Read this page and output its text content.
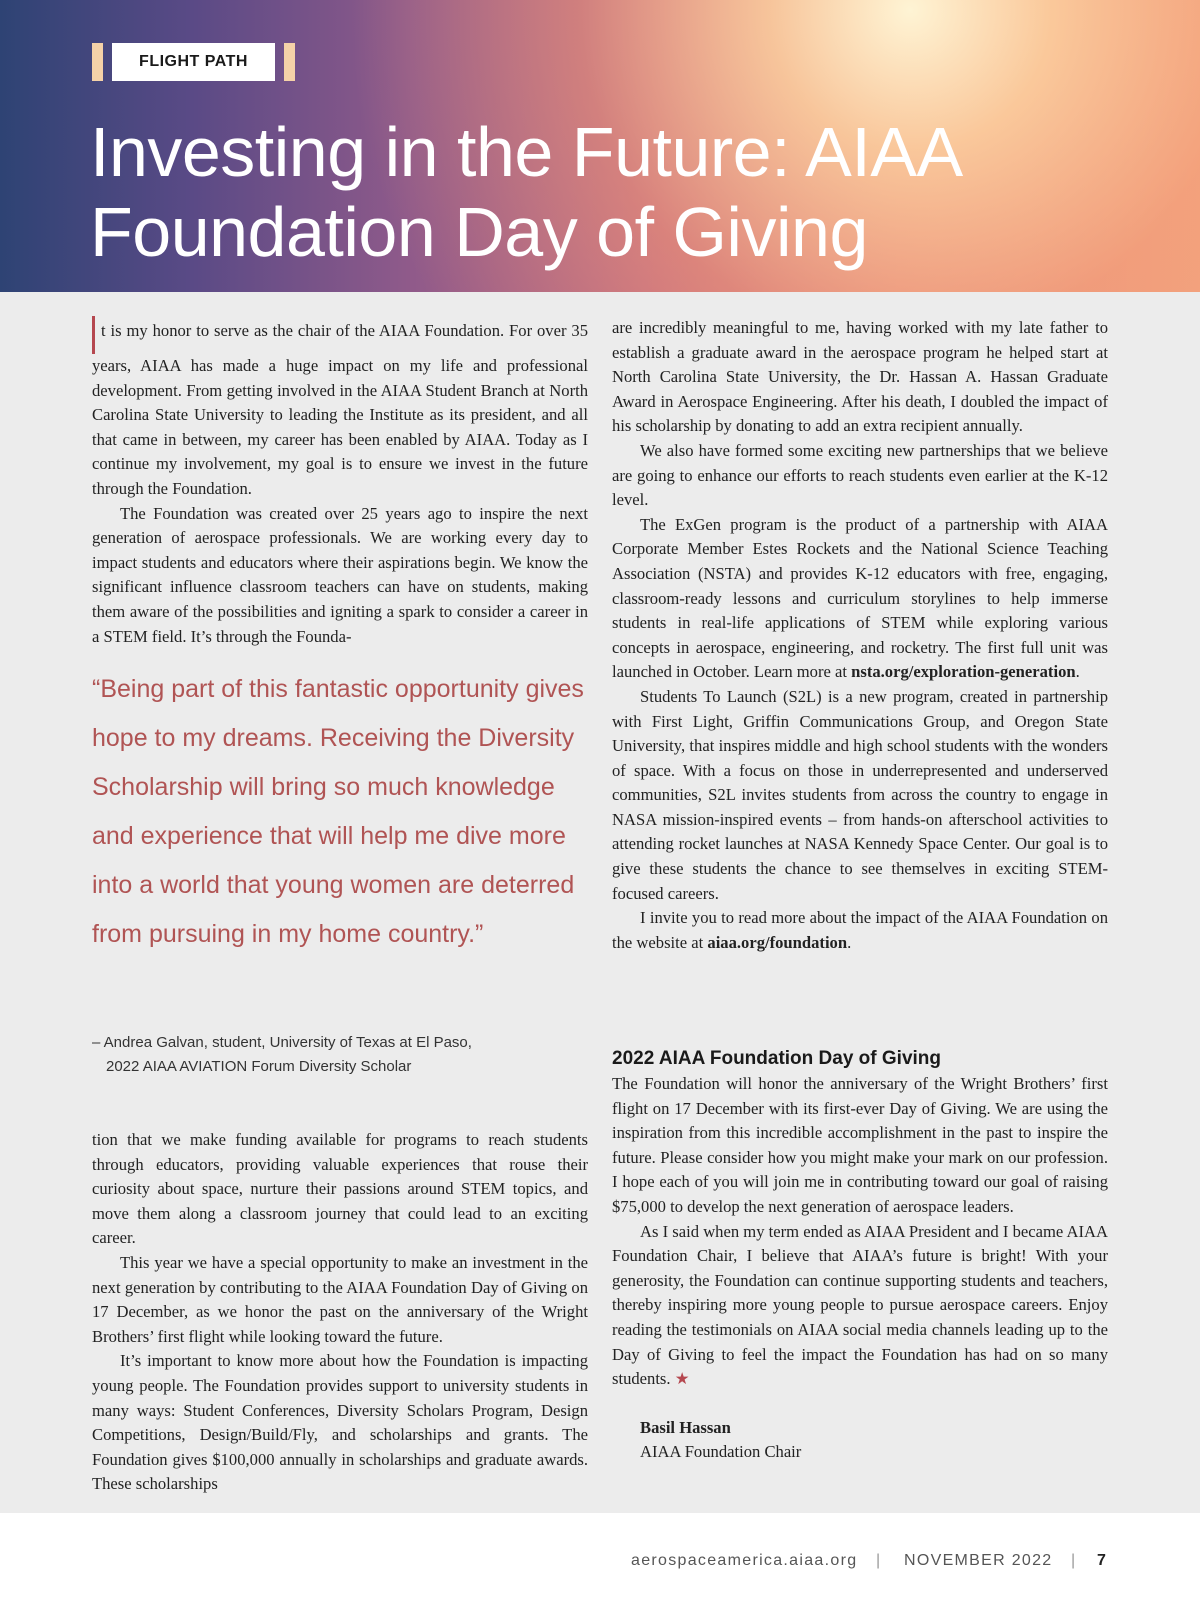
FLIGHT PATH
Investing in the Future: AIAA
Foundation Day of Giving

t is my honor to serve as the chair of the AIAA Foundation. For over 35 years, AIAA has made a huge impact on my life and professional development. From getting involved in the AIAA Student Branch at North Carolina State University to leading the Institute as its president, and all that came in between, my career has been enabled by AIAA. Today as I continue my involvement, my goal is to ensure we invest in the future through the Foundation.

The Foundation was created over 25 years ago to inspire the next generation of aerospace professionals. We are working every day to impact students and educators where their aspirations begin. We know the significant influence classroom teachers can have on students, making them aware of the possibilities and igniting a spark to consider a career in a STEM field. It’s through the Founda-

“Being part of this fantastic opportunity gives hope to my dreams. Receiving the Diversity Scholarship will bring so much knowledge and experience that will help me dive more into a world that young women are deterred from pursuing in my home country.”
– Andrea Galvan, student, University of Texas at El Paso,
2022 AIAA AVIATION Forum Diversity Scholar

tion that we make funding available for programs to reach students through educators, providing valuable experiences that rouse their curiosity about space, nurture their passions around STEM topics, and move them along a classroom journey that could lead to an exciting career.

This year we have a special opportunity to make an investment in the next generation by contributing to the AIAA Foundation Day of Giving on 17 December, as we honor the past on the anniversary of the Wright Brothers’ first flight while looking toward the future.

It’s important to know more about how the Foundation is impacting young people. The Foundation provides support to university students in many ways: Student Conferences, Diversity Scholars Program, Design Competitions, Design/Build/Fly, and scholarships and grants. The Foundation gives $100,000 annually in scholarships and graduate awards. These scholarships

are incredibly meaningful to me, having worked with my late father to establish a graduate award in the aerospace program he helped start at North Carolina State University, the Dr. Hassan A. Hassan Graduate Award in Aerospace Engineering. After his death, I doubled the impact of his scholarship by donating to add an extra recipient annually.

We also have formed some exciting new partnerships that we believe are going to enhance our efforts to reach students even earlier at the K-12 level.

The ExGen program is the product of a partnership with AIAA Corporate Member Estes Rockets and the National Science Teaching Association (NSTA) and provides K-12 educators with free, engaging, classroom-ready lessons and curriculum storylines to help immerse students in real-life applications of STEM while exploring various concepts in aerospace, engineering, and rocketry. The first full unit was launched in October. Learn more at nsta.org/exploration-generation.

Students To Launch (S2L) is a new program, created in partnership with First Light, Griffin Communications Group, and Oregon State University, that inspires middle and high school students with the wonders of space. With a focus on those in underrepresented and underserved communities, S2L invites students from across the country to engage in NASA mission-inspired events – from hands-on afterschool activities to attending rocket launches at NASA Kennedy Space Center. Our goal is to give these students the chance to see themselves in exciting STEM-focused careers.

I invite you to read more about the impact of the AIAA Foundation on the website at aiaa.org/foundation.

2022 AIAA Foundation Day of Giving

The Foundation will honor the anniversary of the Wright Brothers’ first flight on 17 December with its first-ever Day of Giving. We are using the inspiration from this incredible accomplishment in the past to inspire the future. Please consider how you might make your mark on our profession. I hope each of you will join me in contributing toward our goal of raising $75,000 to develop the next generation of aerospace leaders.

As I said when my term ended as AIAA President and I became AIAA Foundation Chair, I believe that AIAA’s future is bright! With your generosity, the Foundation can continue supporting students and teachers, thereby inspiring more young people to pursue aerospace careers. Enjoy reading the testimonials on AIAA social media channels leading up to the Day of Giving to feel the impact the Foundation has had on so many students. ★

Basil Hassan
AIAA Foundation Chair
aerospaceamerica.aiaa.org | NOVEMBER 2022 | 7
